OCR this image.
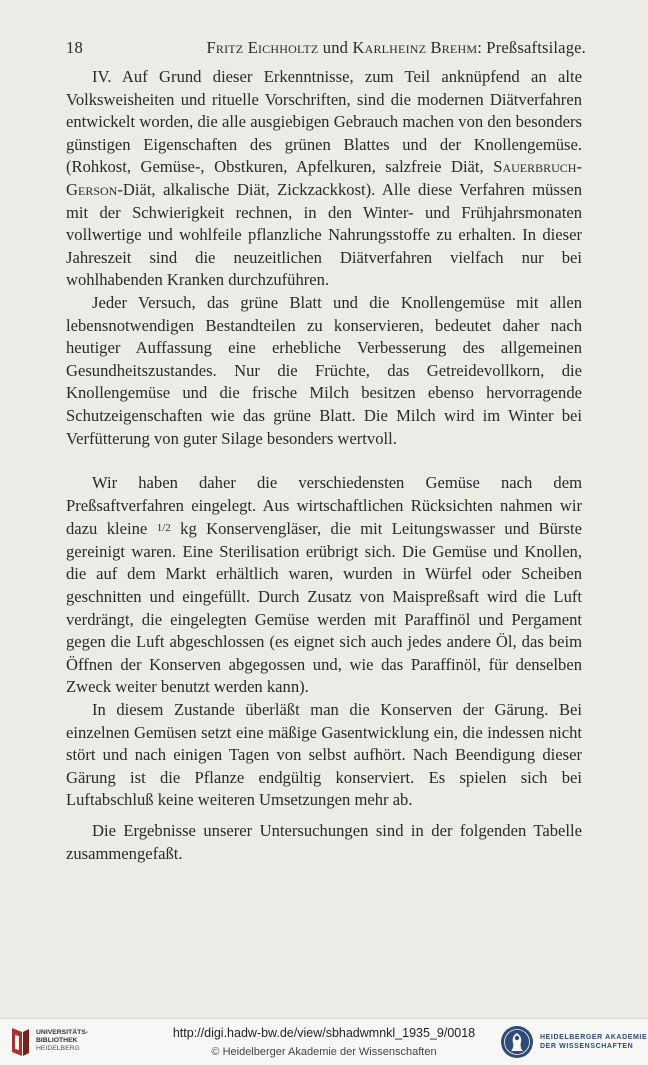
18	Fritz Eichholtz und Karlheinz Brehm: Preßsaftsilage.

IV. Auf Grund dieser Erkenntnisse, zum Teil anknüpfend an alte Volksweisheiten und rituelle Vorschriften, sind die modernen Diätverfahren entwickelt worden, die alle ausgiebigen Gebrauch machen von den besonders günstigen Eigenschaften des grünen Blattes und der Knollengemüse. (Rohkost, Gemüse-, Obstkuren, Apfelkuren, salzfreie Diät, Sauerbruch-Gerson-Diät, alkalische Diät, Zickzackkost). Alle diese Verfahren müssen mit der Schwierigkeit rechnen, in den Winter- und Frühjahrsmonaten vollwertige und wohlfeile pflanzliche Nahrungsstoffe zu erhalten. In dieser Jahreszeit sind die neuzeitlichen Diätverfahren vielfach nur bei wohlhabenden Kranken durchzuführen.

Jeder Versuch, das grüne Blatt und die Knollengemüse mit allen lebensnotwendigen Bestandteilen zu konservieren, bedeutet daher nach heutiger Auffassung eine erhebliche Verbesserung des allgemeinen Gesundheitszustandes. Nur die Früchte, das Getreidevollkorn, die Knollengemüse und die frische Milch besitzen ebenso hervorragende Schutzeigenschaften wie das grüne Blatt. Die Milch wird im Winter bei Verfütterung von guter Silage besonders wertvoll.

Wir haben daher die verschiedensten Gemüse nach dem Preßsaftverfahren eingelegt. Aus wirtschaftlichen Rücksichten nahmen wir dazu kleine 1/2 kg Konservengläser, die mit Leitungswasser und Bürste gereinigt waren. Eine Sterilisation erübrigt sich. Die Gemüse und Knollen, die auf dem Markt erhältlich waren, wurden in Würfel oder Scheiben geschnitten und eingefüllt. Durch Zusatz von Maispreßsaft wird die Luft verdrängt, die eingelegten Gemüse werden mit Paraffinöl und Pergament gegen die Luft abgeschlossen (es eignet sich auch jedes andere Öl, das beim Öffnen der Konserven abgegossen und, wie das Paraffinöl, für denselben Zweck weiter benutzt werden kann).

In diesem Zustande überläßt man die Konserven der Gärung. Bei einzelnen Gemüsen setzt eine mäßige Gasentwicklung ein, die indessen nicht stört und nach einigen Tagen von selbst aufhört. Nach Beendigung dieser Gärung ist die Pflanze endgültig konserviert. Es spielen sich bei Luftabschluß keine weiteren Umsetzungen mehr ab.

Die Ergebnisse unserer Untersuchungen sind in der folgenden Tabelle zusammengefaßt.

UNIVERSITÄTS-
BIBLIOTHEK
HEIDELBERG
http://digi.hadw-bw.de/view/sbhadwmnkl_1935_9/0018
© Heidelberger Akademie der Wissenschaften
HEIDELBERGER AKADEMIE
DER WISSENSCHAFTEN
